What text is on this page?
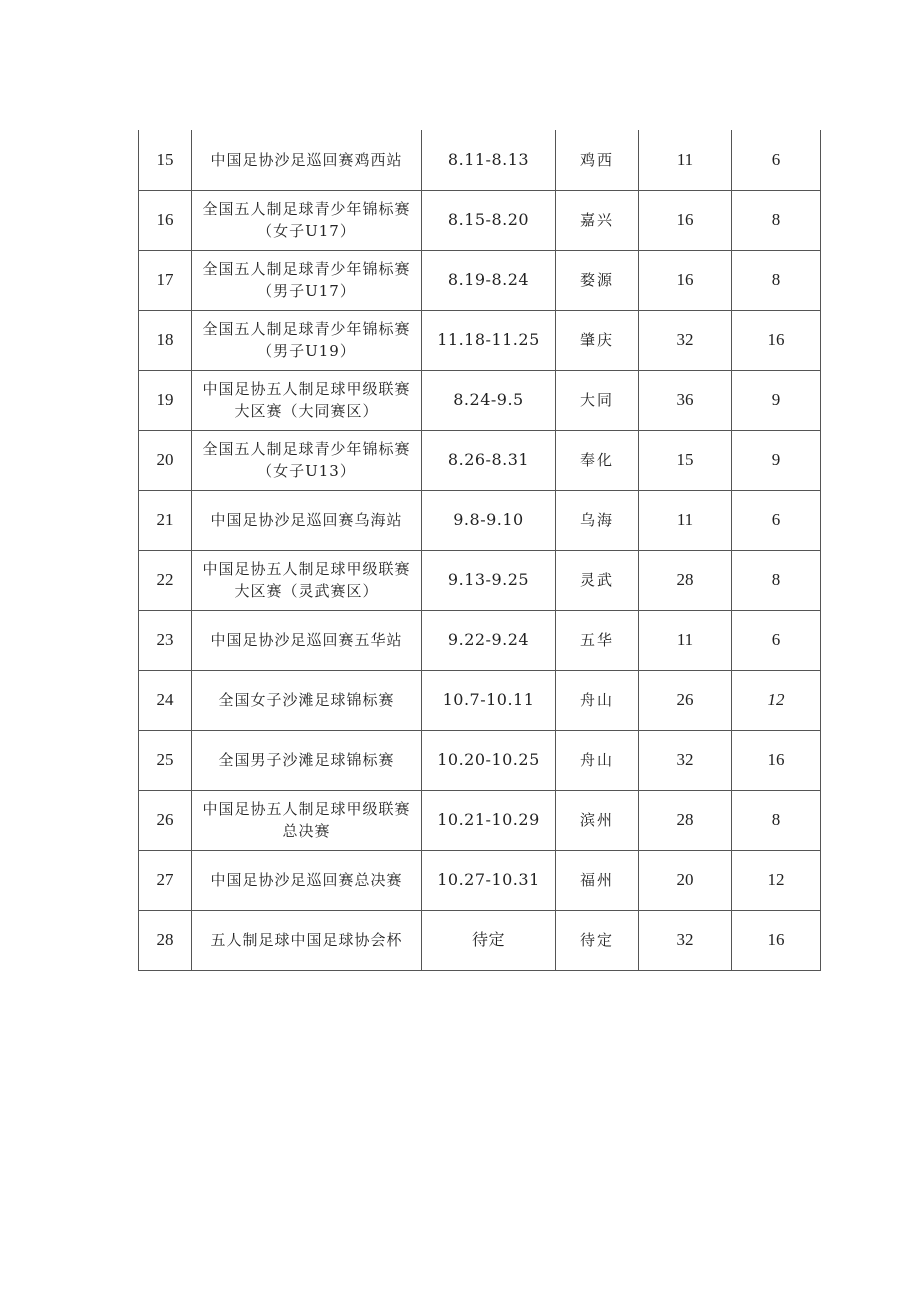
15	中国足协沙足巡回赛鸡西站	8.11-8.13	鸡西	11	6
16	全国五人制足球青少年锦标赛（女子U17）	8.15-8.20	嘉兴	16	8
17	全国五人制足球青少年锦标赛（男子U17）	8.19-8.24	婺源	16	8
18	全国五人制足球青少年锦标赛（男子U19）	11.18-11.25	肇庆	32	16
19	中国足协五人制足球甲级联赛大区赛（大同赛区）	8.24-9.5	大同	36	9
20	全国五人制足球青少年锦标赛（女子U13）	8.26-8.31	奉化	15	9
21	中国足协沙足巡回赛乌海站	9.8-9.10	乌海	11	6
22	中国足协五人制足球甲级联赛大区赛（灵武赛区）	9.13-9.25	灵武	28	8
23	中国足协沙足巡回赛五华站	9.22-9.24	五华	11	6
24	全国女子沙滩足球锦标赛	10.7-10.11	舟山	26	12
25	全国男子沙滩足球锦标赛	10.20-10.25	舟山	32	16
26	中国足协五人制足球甲级联赛总决赛	10.21-10.29	滨州	28	8
27	中国足协沙足巡回赛总决赛	10.27-10.31	福州	20	12
28	五人制足球中国足球协会杯	待定	待定	32	16
